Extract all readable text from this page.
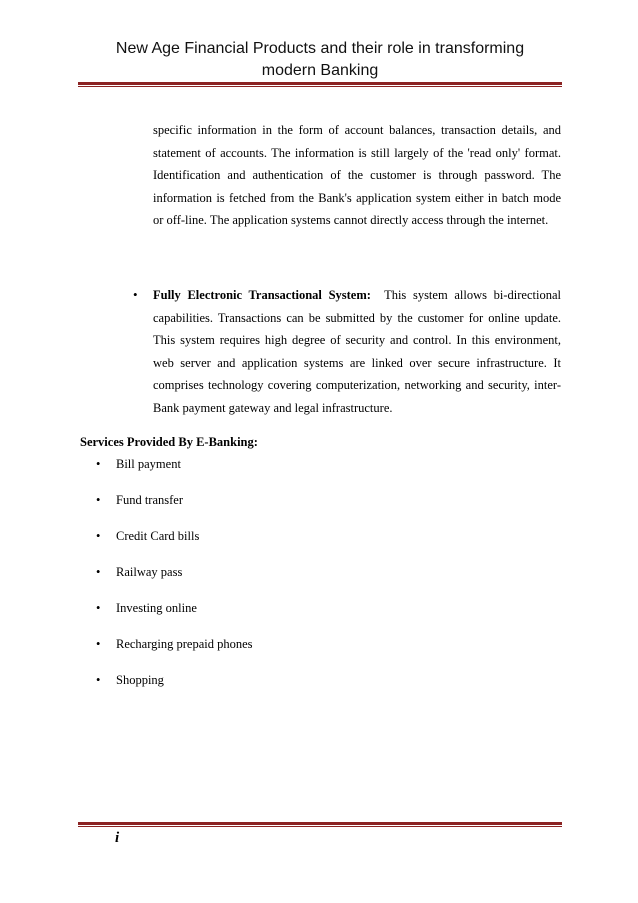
New Age Financial Products and their role in transforming
modern Banking
specific information in the form of account balances, transaction details, and statement of accounts. The information is still largely of the 'read only' format. Identification and authentication of the customer is through password. The information is fetched from the Bank's application system either in batch mode or off-line. The application systems cannot directly access through the internet.
• Fully Electronic Transactional System: This system allows bi-directional capabilities. Transactions can be submitted by the customer for online update. This system requires high degree of security and control. In this environment, web server and application systems are linked over secure infrastructure. It comprises technology covering computerization, networking and security, inter-Bank payment gateway and legal infrastructure.
Services Provided By E-Banking:
• Bill payment
• Fund transfer
• Credit Card bills
• Railway pass
• Investing online
• Recharging prepaid phones
• Shopping
i
